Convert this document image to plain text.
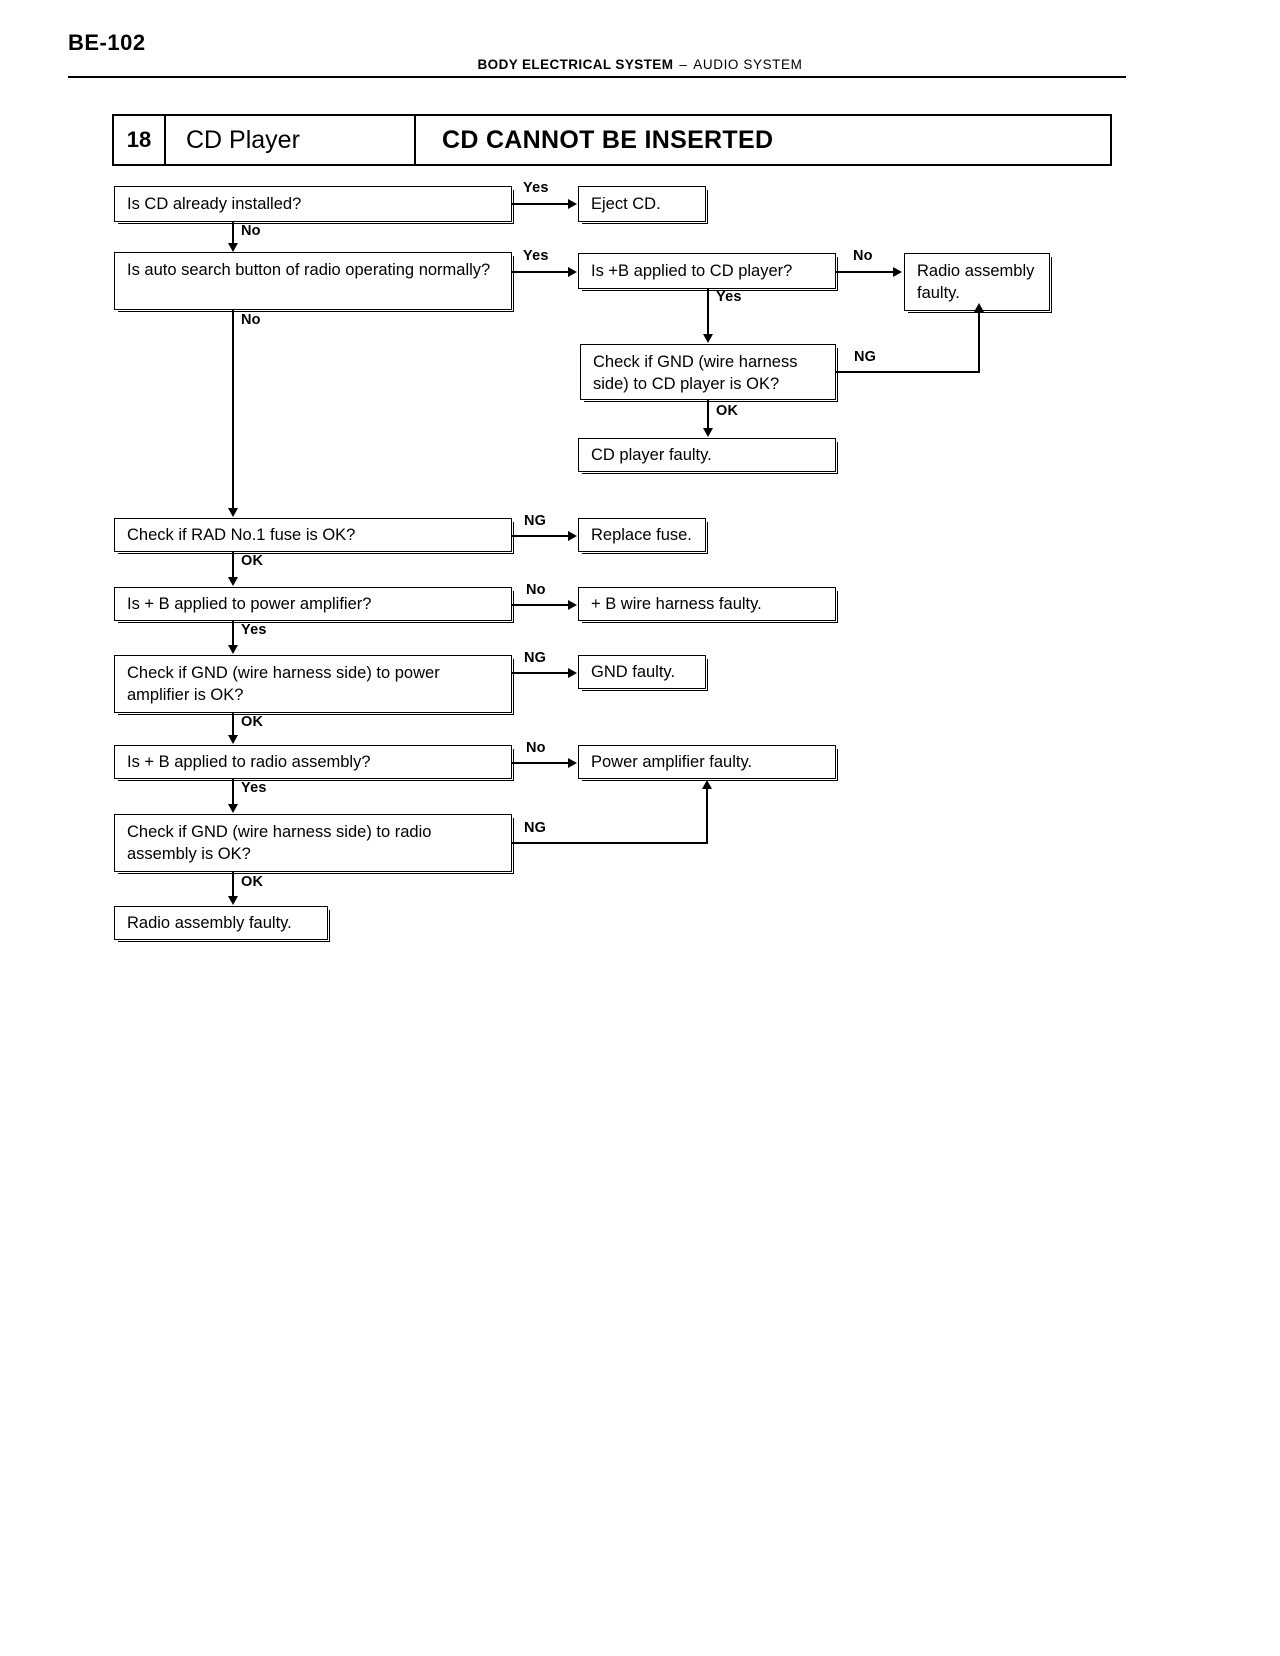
BE-102
BODY ELECTRICAL SYSTEM – AUDIO SYSTEM
18	CD Player	CD CANNOT BE INSERTED
Is CD already installed?	Eject CD.
Is auto search button of radio operating normally?	Is +B applied to CD player?	Radio assembly faulty.
Check if GND (wire harness side) to CD player is OK?
CD player faulty.
Check if RAD No.1 fuse is OK?	Replace fuse.
Is + B applied to power amplifier?	+ B wire harness faulty.
Check if GND (wire harness side) to power amplifier is OK?
GND faulty.
Is + B applied to radio assembly?	Power amplifier faulty.
Check if GND (wire harness side) to radio assembly is OK?
Radio assembly faulty.
Yes
No
Yes
No
No
Yes
NG
OK
NG
OK
No
Yes
NG
OK
No
Yes
NG
OK
